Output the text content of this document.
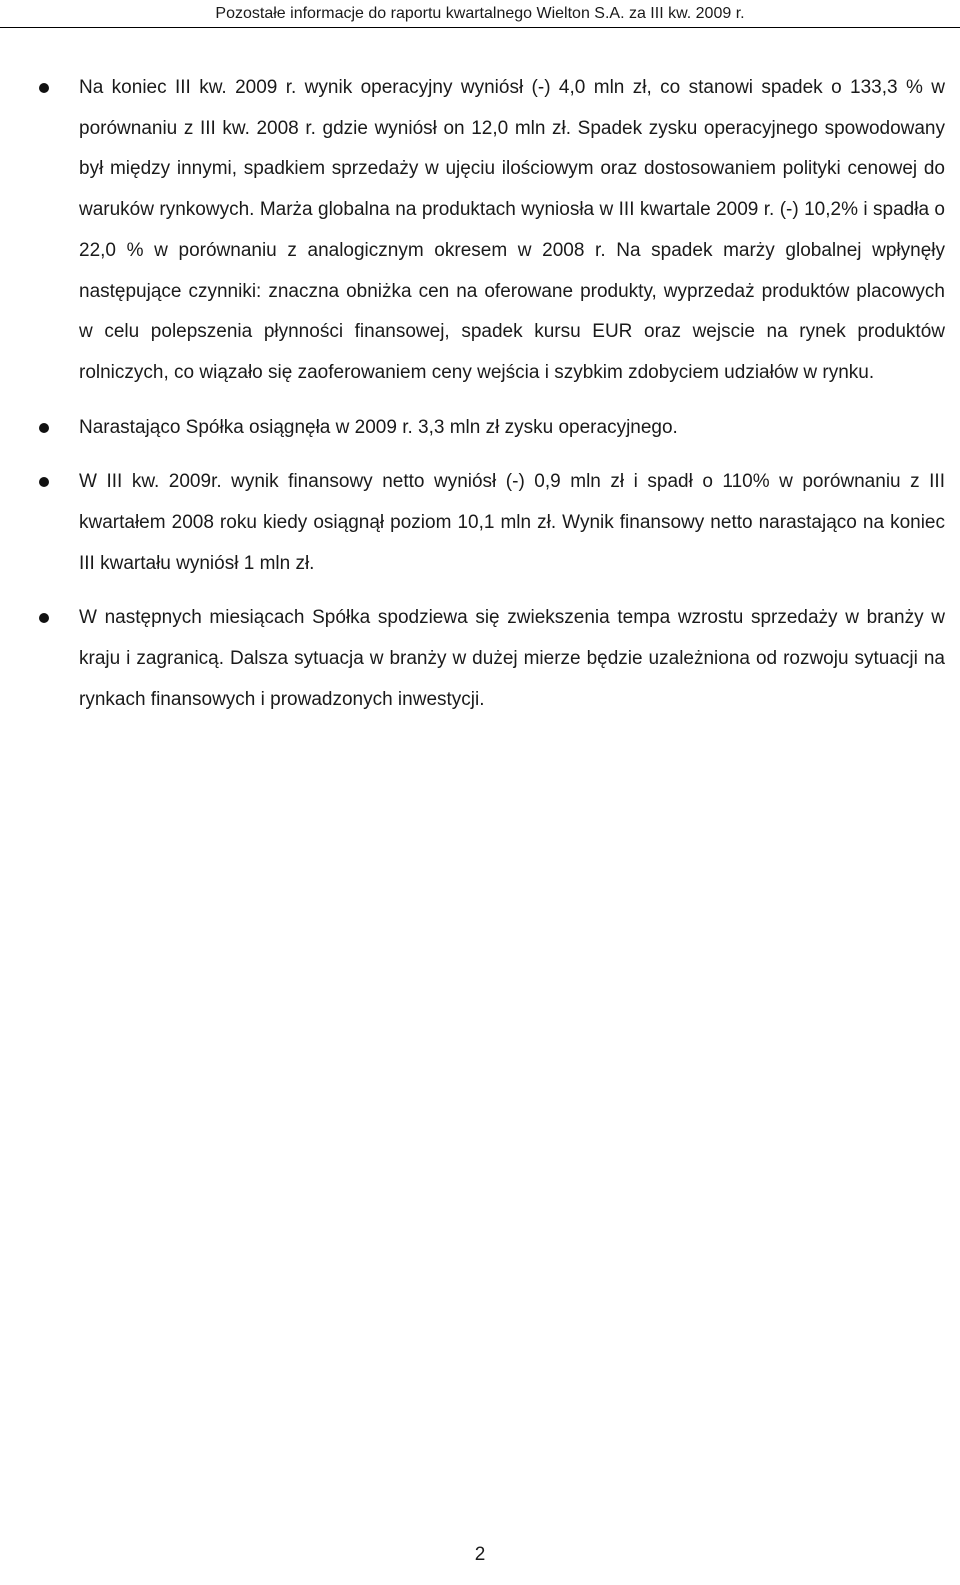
Pozostałe informacje do raportu kwartalnego Wielton S.A. za III kw. 2009 r.
Na koniec III kw. 2009 r. wynik operacyjny wyniósł (-) 4,0 mln zł, co stanowi spadek o 133,3 % w porównaniu z III kw. 2008 r. gdzie wyniósł on 12,0 mln zł. Spadek zysku operacyjnego spowodowany był między innymi, spadkiem sprzedaży w ujęciu ilościowym oraz dostosowaniem polityki cenowej do waruków rynkowych. Marża globalna na produktach wyniosła w III kwartale 2009 r. (-) 10,2% i spadła o 22,0 % w porównaniu z analogicznym okresem w 2008 r. Na spadek marży globalnej wpłynęły następujące czynniki: znaczna obniżka cen na oferowane produkty, wyprzedaż produktów placowych w celu polepszenia płynności finansowej, spadek kursu EUR oraz wejscie na rynek produktów rolniczych, co wiązało się zaoferowaniem ceny wejścia i szybkim zdobyciem udziałów w rynku.
Narastająco Spółka osiągnęła w 2009 r. 3,3 mln zł zysku operacyjnego.
W III kw. 2009r. wynik finansowy netto wyniósł (-) 0,9 mln zł i spadł o 110% w porównaniu z III kwartałem 2008 roku kiedy osiągnął poziom 10,1 mln zł. Wynik finansowy netto narastająco na koniec III kwartału wyniósł 1 mln zł.
W następnych miesiącach Spółka spodziewa się zwiekszenia tempa wzrostu sprzedaży w branży w kraju i zagranicą. Dalsza sytuacja w branży w dużej mierze będzie uzależniona od rozwoju sytuacji na rynkach finansowych i prowadzonych inwestycji.
2
